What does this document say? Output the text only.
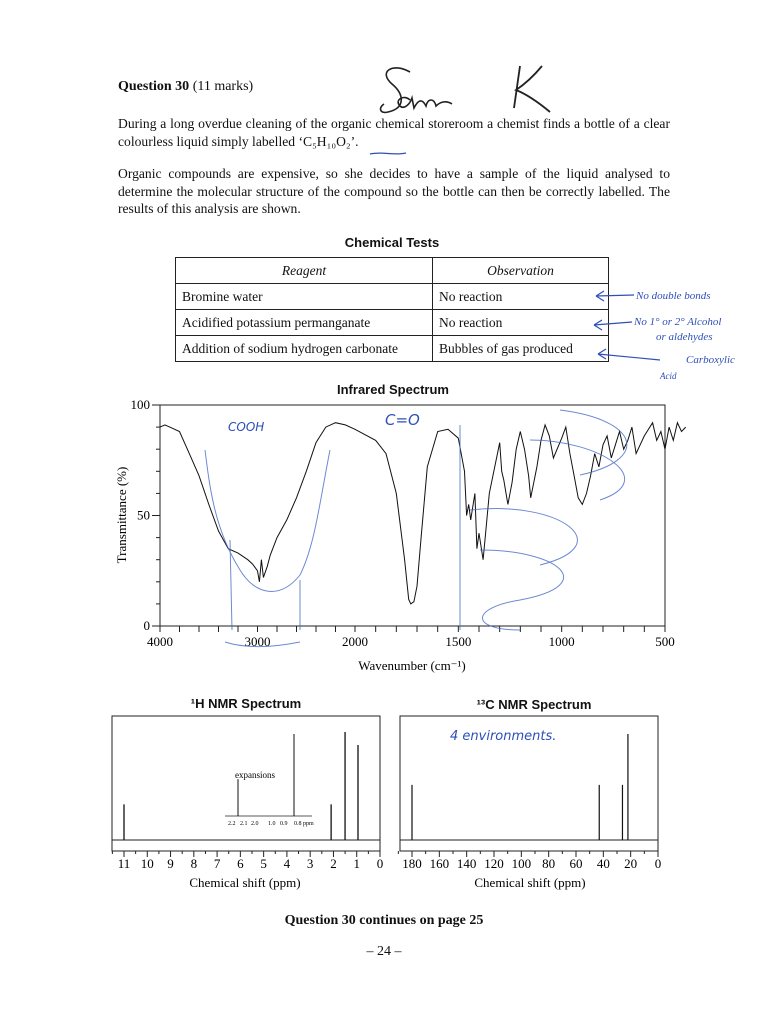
Question 30 (11 marks)
During a long overdue cleaning of the organic chemical storeroom a chemist finds a bottle of a clear colourless liquid simply labelled ‘C₅H₁₀O₂’.
Organic compounds are expensive, so she decides to have a sample of the liquid analysed to determine the molecular structure of the compound so the bottle can then be correctly labelled. The results of this analysis are shown.
Chemical Tests
Reagent	Observation
Bromine water	No reaction
Acidified potassium permanganate	No reaction
Addition of sodium hydrogen carbonate	Bubbles of gas produced
No double bonds
No 1° or 2° Alcohol
or aldehydes
Carboxylic
Acid
Infrared Spectrum
0
50
100
4000	3000	2000	1500	1000	500
Transmittance (%)
Wavenumber (cm⁻¹)
COOH	C=O
¹H NMR Spectrum
expansions
2.2 2.1 2.0 1.0 0.9 0.8 ppm
11 10 9 8 7 6 5 4 3 2 1 0
Chemical shift (ppm)
¹³C NMR Spectrum
180 160 140 120 100 80 60 40 20 0
4 environments.
Chemical shift (ppm)
Question 30 continues on page 25
– 24 –
